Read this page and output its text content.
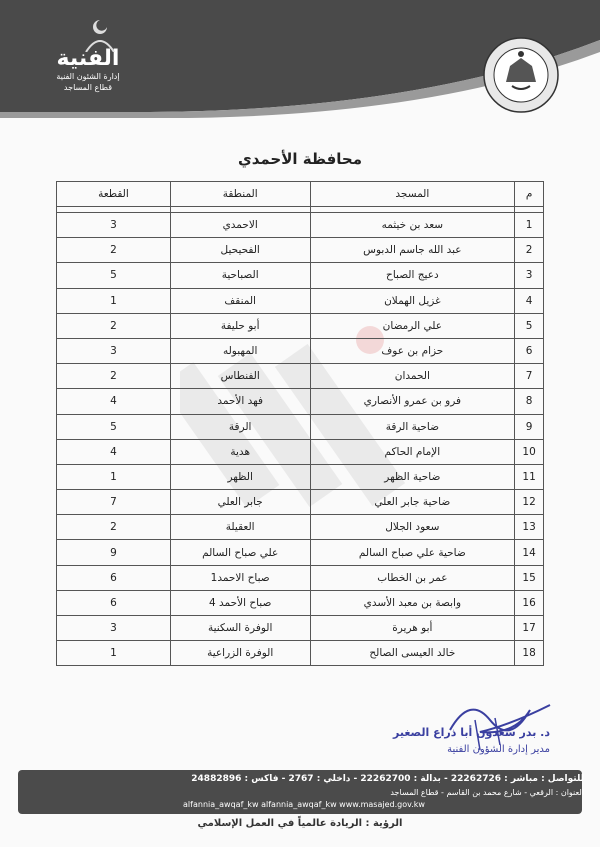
الفنية
إدارة الشئون الفنية
قطاع المساجد
محافظة الأحمدي
م	المسجد	المنطقة	القطعة

1	سعد بن خيثمه	الاحمدي	3
2	عبد الله جاسم الدبوس	الفحيحيل	2
3	دعيج الصباح	الصباحية	5
4	غزيل الهملان	المنقف	1
5	علي الرمضان	أبو حليفة	2
6	حزام بن عوف	المهبوله	3
7	الحمدان	الفنطاس	2
8	فرو بن عمرو الأنصاري	فهد الأحمد	4
9	ضاحية الرقة	الرقة	5
10	الإمام الحاكم	هدية	4
11	ضاحية الظهر	الظهر	1
12	ضاحية جابر العلي	جابر العلي	7
13	سعود الجلال	العقيلة	2
14	ضاحية علي صباح السالم	علي صباح السالم	9
15	عمر بن الخطاب	صباح الاحمد1	6
16	وابصة بن معبد الأسدي	صباح الأحمد 4	6
17	أبو هريرة	الوفرة السكنية	3
18	خالد العيسى الصالح	الوفرة الزراعية	1
د. بدر سعدون أبا ذراع الصغير
مدير إدارة الشؤون الفنية
للتواصل : مباشر : 22262726 - بدالة : 22262700 - داخلي : 2767 - فاكس : 24882896
العنوان : الرقعي - شارع محمد بن القاسم - قطاع المساجد
alfannia_awqaf_kw alfannia_awqaf_kw www.masajed.gov.kw
الرؤية : الريادة عالمياً في العمل الإسلامي
